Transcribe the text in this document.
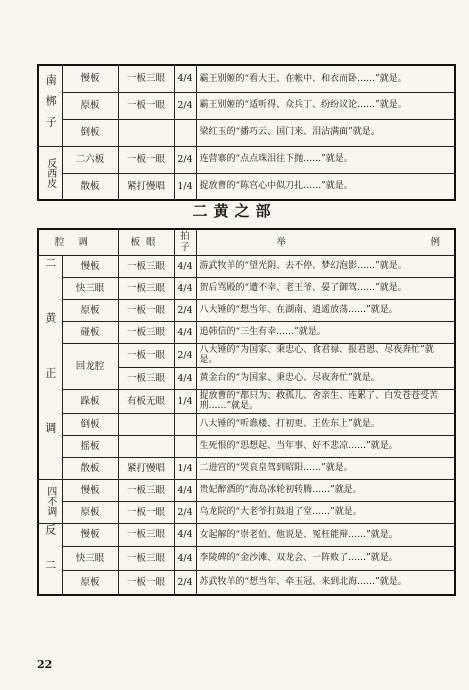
南梆子	慢板	一板三眼	4/4	霸王别姬的“看大王、在帐中、和衣而卧……”就是。
	原板	一板一眼	2/4	霸王别姬的“适听得、众兵丁、纷纷议论……”就是。
	倒板			梁红玉的“播巧云、国门来、泪沾满面”就是。

反西皮	二六板	一板一眼	2/4	连营寨的“点点珠泪往下抛……”就是。
	散板	紧打慢唱	1/4	捉放曹的“陈宫心中似刀扎……”就是。
二黄之部
腔调		板眼	拍子	举 例

二黄正调	慢板	一板三眼	4/4	游武牧羊的“望光阴、去不停、梦幻泡影……”就是。
	快三眼	一板三眼	4/4	贺后骂殿的“遭不幸、老王爷、晏了御驾……”就是。
	原板	一板一眼	2/4	八大锤的“想当年、在湖南、逍遥放荡……”就是。
	碰板	一板三眼	4/4	追韩信的“三生有幸……”就是。
	回龙腔	一板一眼	2/4	八大锤的“为国家、秉忠心、食君禄、报君恩、尽夜奔忙”就是。
		一板三眼	4/4	黄金台的“为国家、秉忠心、尽夜奔忙”就是。
	跺板	有板无眼	1/4	捉放曹的“都只为、救孤儿、舍亲生、连累了、白发苍苍受苦刑……”就是。
	倒板			八大锤的“听谯楼、打初更、王佐东上”就是。
	摇板			生死恨的“思想起、当年事、好不悲凉……”就是。
	散板	紧打慢唱	1/4	二进宫的“哭哀皇驾到昭阳……”就是。

四不调	慢板	一板三眼	4/4	贵妃醉酒的“海岛冰轮初转腾……”就是。
	原板	一板一眼	2/4	乌龙院的“大老爷打鼓退了堂……”就是。

反二	慢板	一板三眼	4/4	女起解的“崇老伯、他说是、冤枉能辩……”就是。
	快三眼	一板三眼	4/4	李陵碑的“金沙滩、双龙会、一阵败了……”就是。
	原板	一板一眼	2/4	苏武牧羊的“想当年、牵玉冠、来到北海……”就是。
22
